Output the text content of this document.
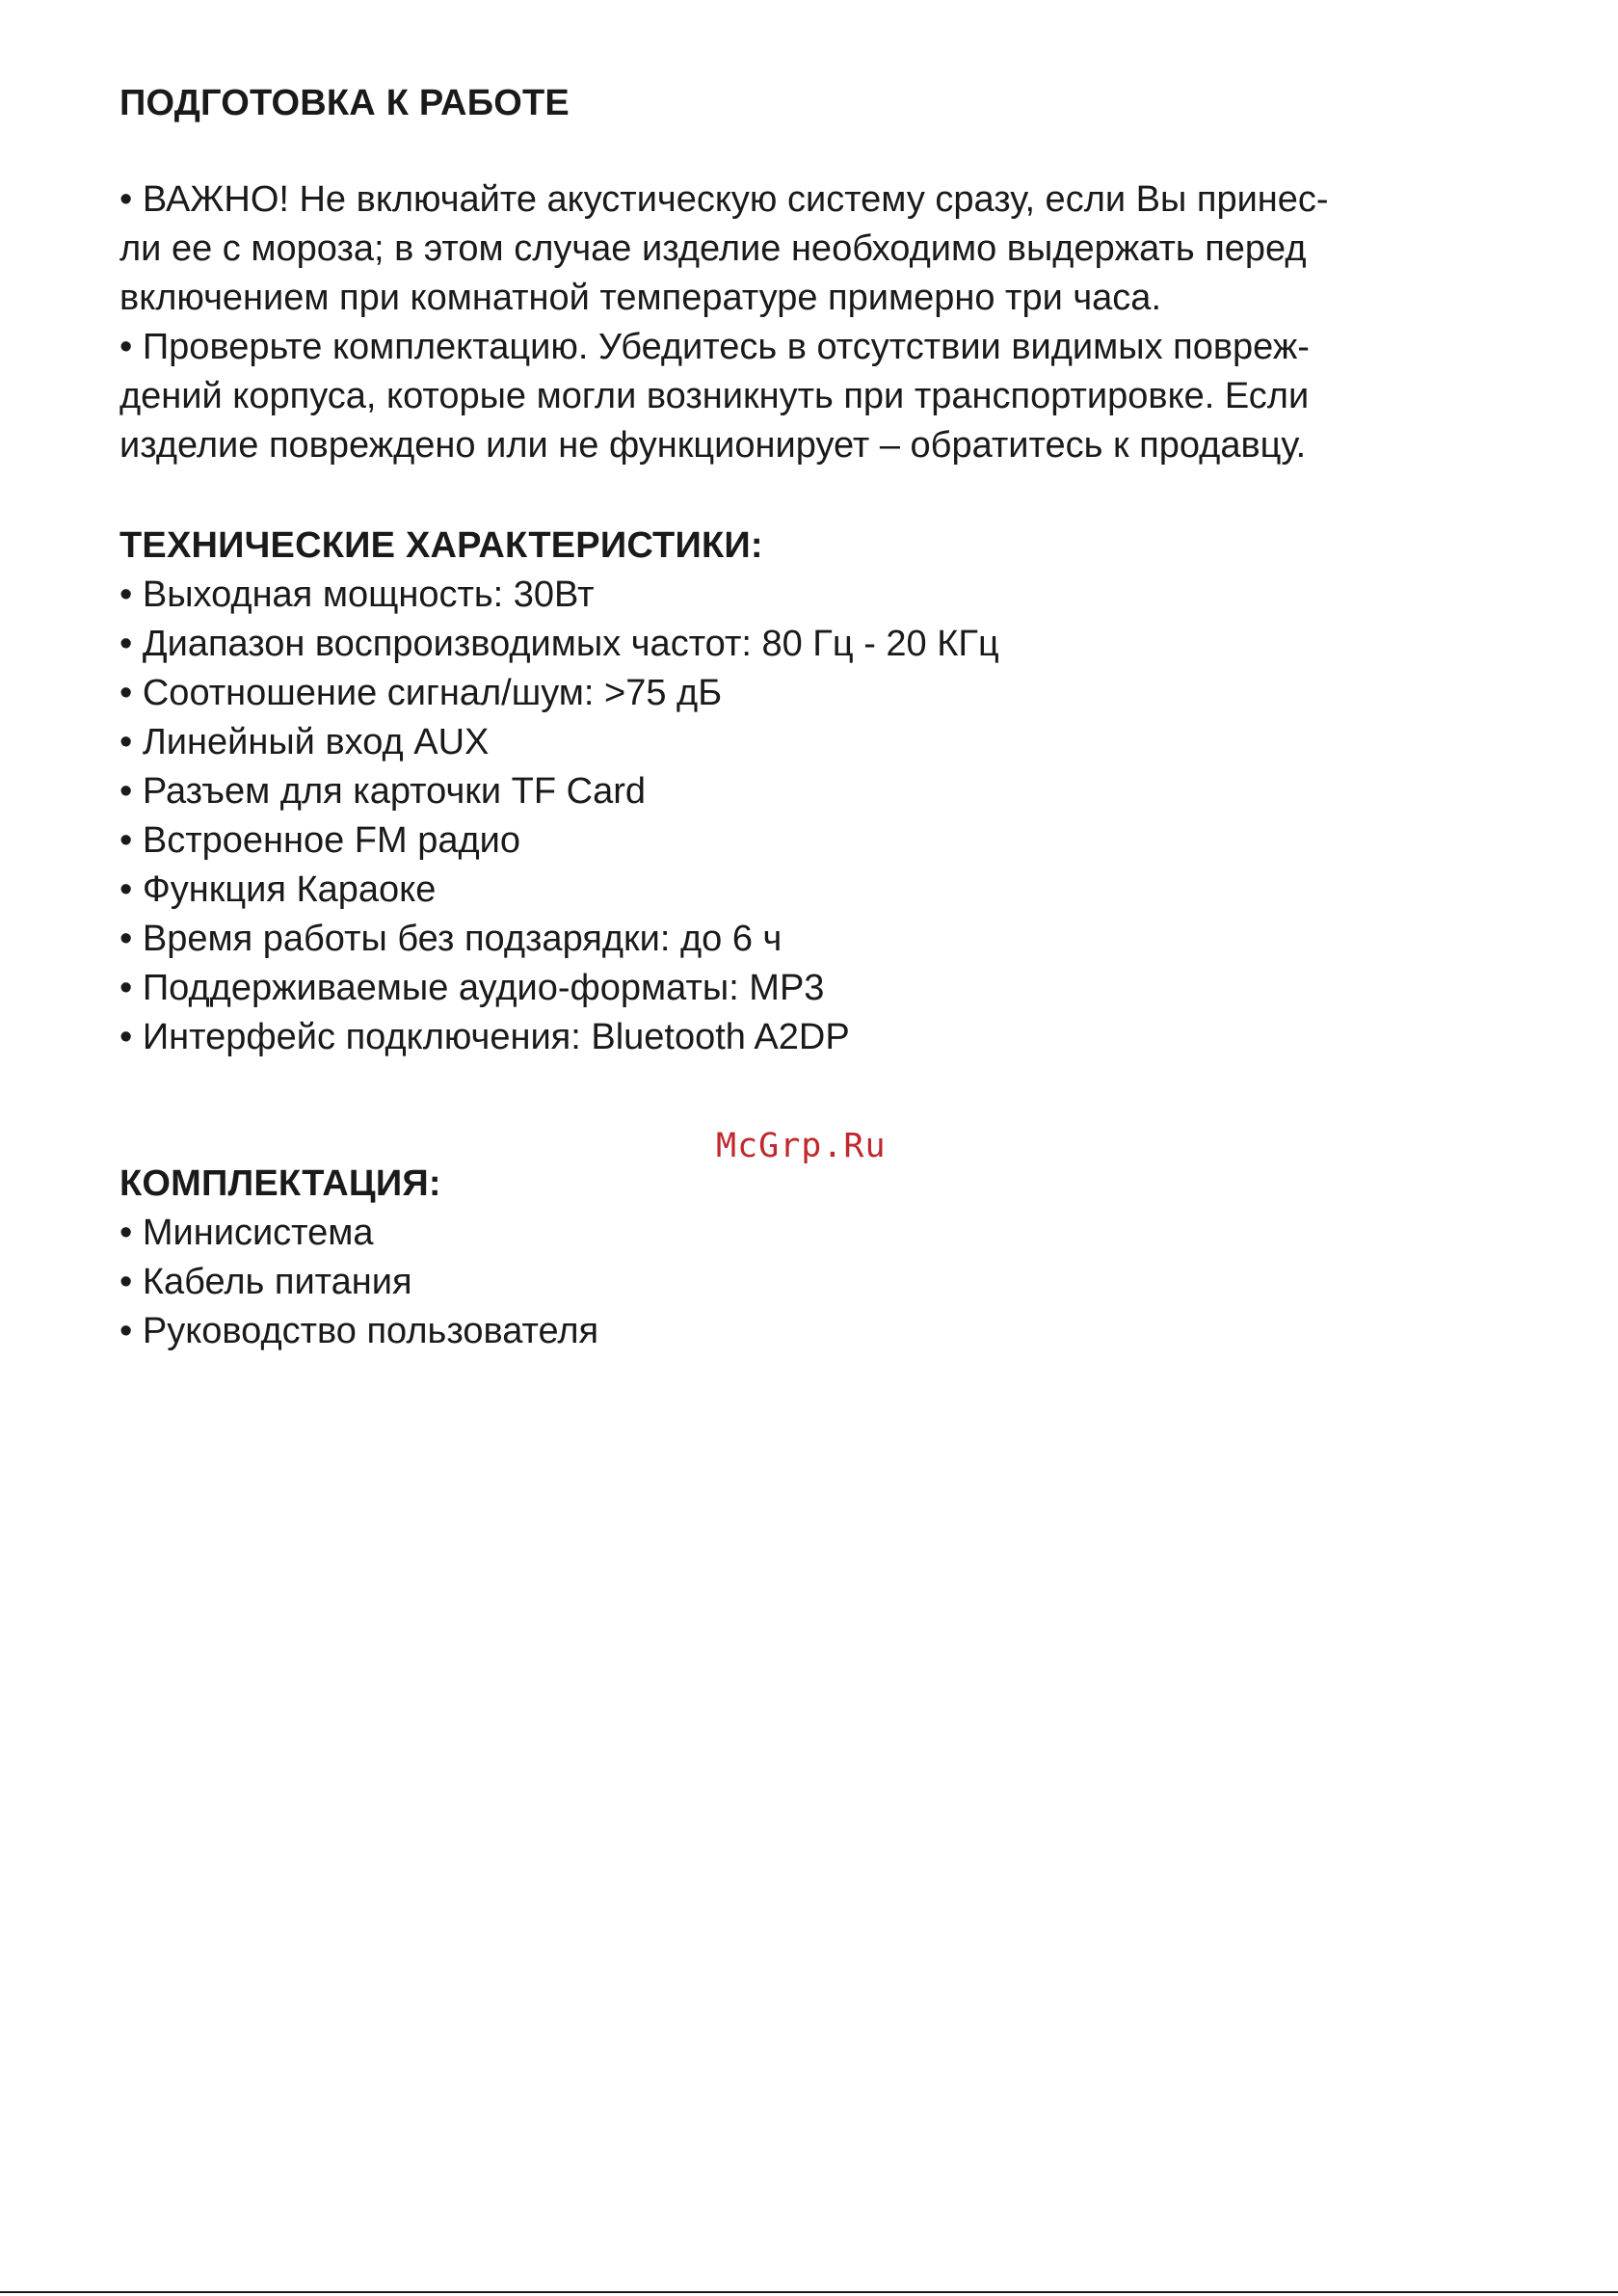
ПОДГОТОВКА К РАБОТЕ
• ВАЖНО! Не включайте акустическую систему сразу, если Вы принес-
ли ее с мороза; в этом случае изделие необходимо выдержать перед
включением при комнатной температуре примерно три часа.
• Проверьте комплектацию. Убедитесь в отсутствии видимых повреж-
дений корпуса, которые могли возникнуть при транспортировке. Если
изделие повреждено или не функционирует – обратитесь к продавцу.
ТЕХНИЧЕСКИЕ ХАРАКТЕРИСТИКИ:
• Выходная мощность: 30Вт
• Диапазон воспроизводимых частот: 80 Гц - 20 КГц
• Соотношение сигнал/шум: >75 дБ
• Линейный вход AUX
• Разъем для карточки TF Card
• Встроенное FM радио
• Функция Караоке
• Время работы без подзарядки: до 6 ч
• Поддерживаемые аудио-форматы: MP3
• Интерфейс подключения: Bluetooth A2DP
McGrp.Ru
КОМПЛЕКТАЦИЯ:
• Минисистема
• Кабель питания
• Руководство пользователя
